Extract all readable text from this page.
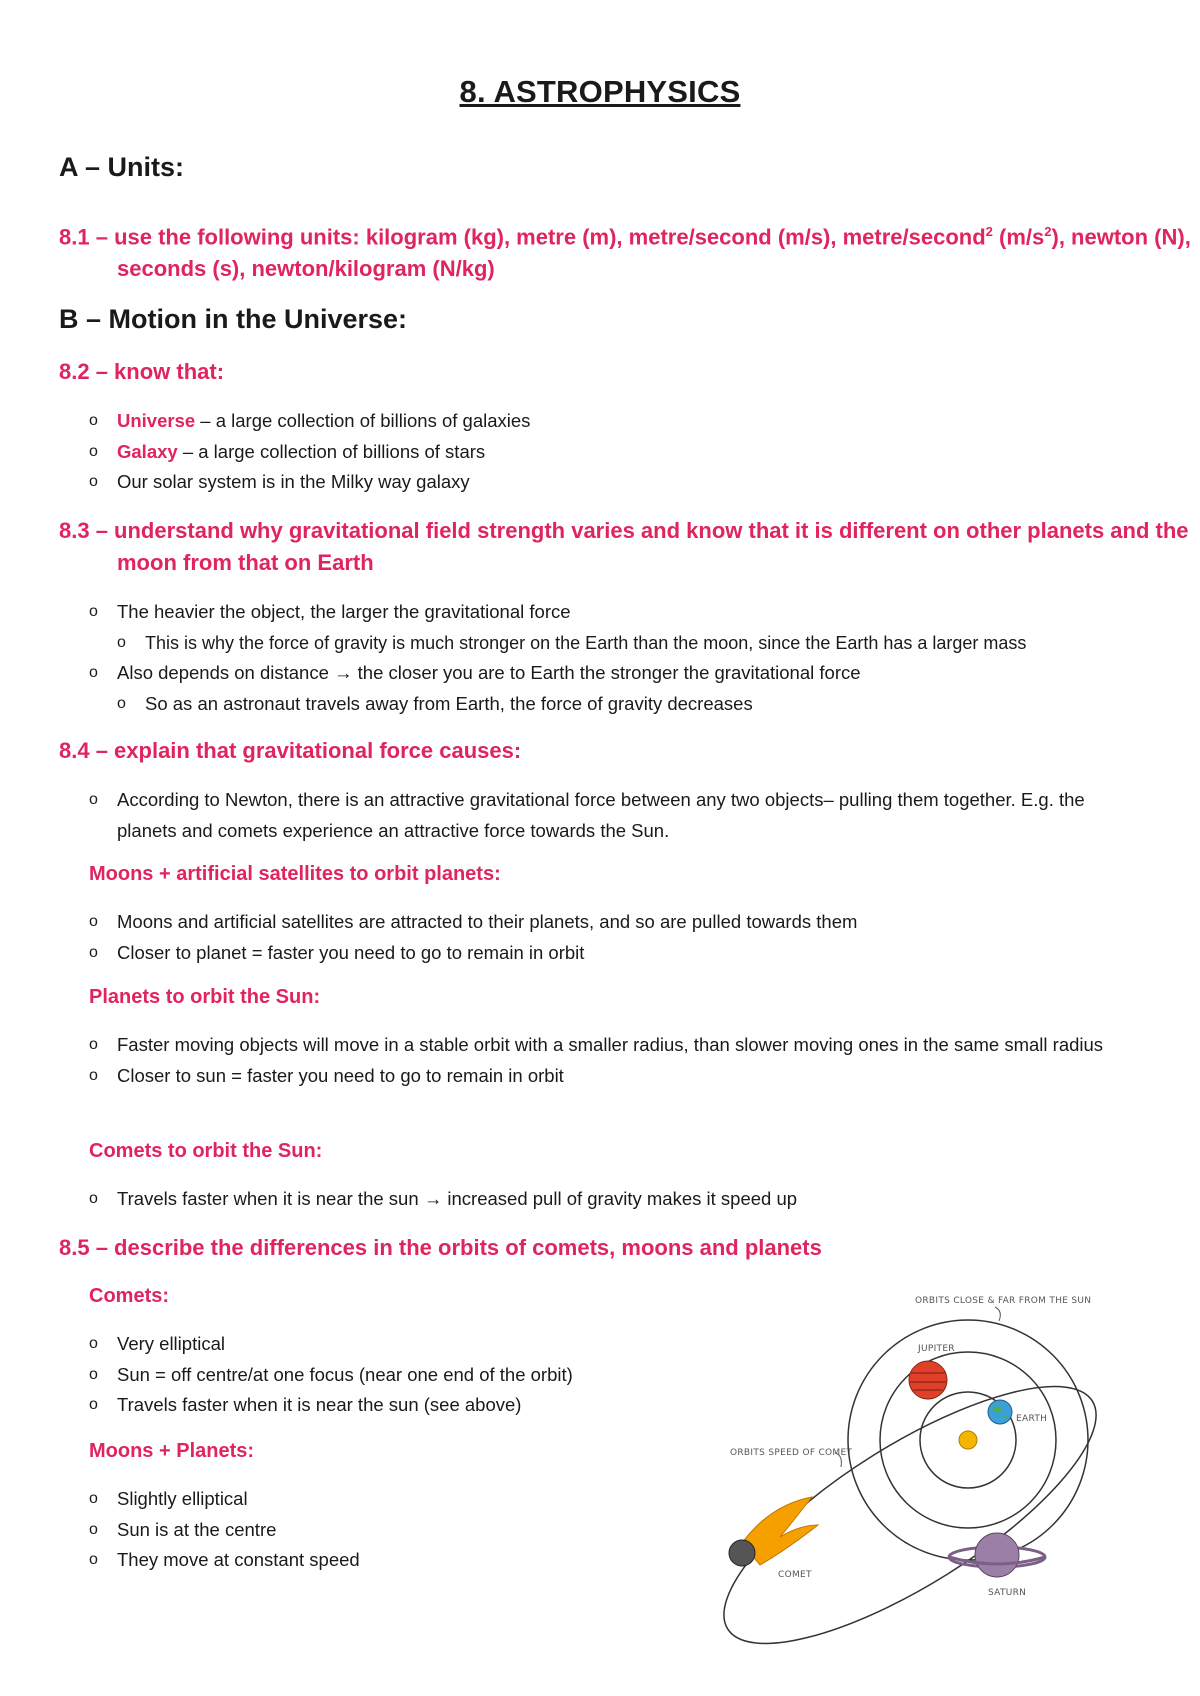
8. ASTROPHYSICS
A – Units:
8.1 – use the following units: kilogram (kg), metre (m), metre/second (m/s), metre/second$^2$ $(m/s^2)$, newton (N), seconds (s), newton/kilogram (N/kg)
B – Motion in the Universe:
8.2 – know that:
o Universe – a large collection of billions of galaxies
o Galaxy – a large collection of billions of stars
o Our solar system is in the Milky way galaxy
8.3 – understand why gravitational field strength varies and know that it is different on other planets and the moon from that on Earth
o The heavier the object, the larger the gravitational force
o This is why the force of gravity is much stronger on the Earth than the moon, since the Earth has a larger mass
o Also depends on distance → the closer you are to Earth the stronger the gravitational force
o So as an astronaut travels away from Earth, the force of gravity decreases
8.4 – explain that gravitational force causes:
o According to Newton, there is an attractive gravitational force between any two objects– pulling them together. E.g. the planets and comets experience an attractive force towards the Sun.
Moons + artificial satellites to orbit planets:
o Moons and artificial satellites are attracted to their planets, and so are pulled towards them
o Closer to planet = faster you need to go to remain in orbit
Planets to orbit the Sun:
o Faster moving objects will move in a stable orbit with a smaller radius, than slower moving ones in the same small radius
o Closer to sun = faster you need to go to remain in orbit
Comets to orbit the Sun:
o Travels faster when it is near the sun → increased pull of gravity makes it speed up
8.5 – describe the differences in the orbits of comets, moons and planets
Comets:
o Very elliptical
o Sun = off centre/at one focus (near one end of the orbit)
o Travels faster when it is near the sun (see above)
Moons + Planets:
o Slightly elliptical
o Sun is at the centre
o They move at constant speed
ORBITS CLOSE & FAR FROM THE SUN
JUPITER
EARTH
ORBITS SPEED OF COMET
COMET
SATURN
